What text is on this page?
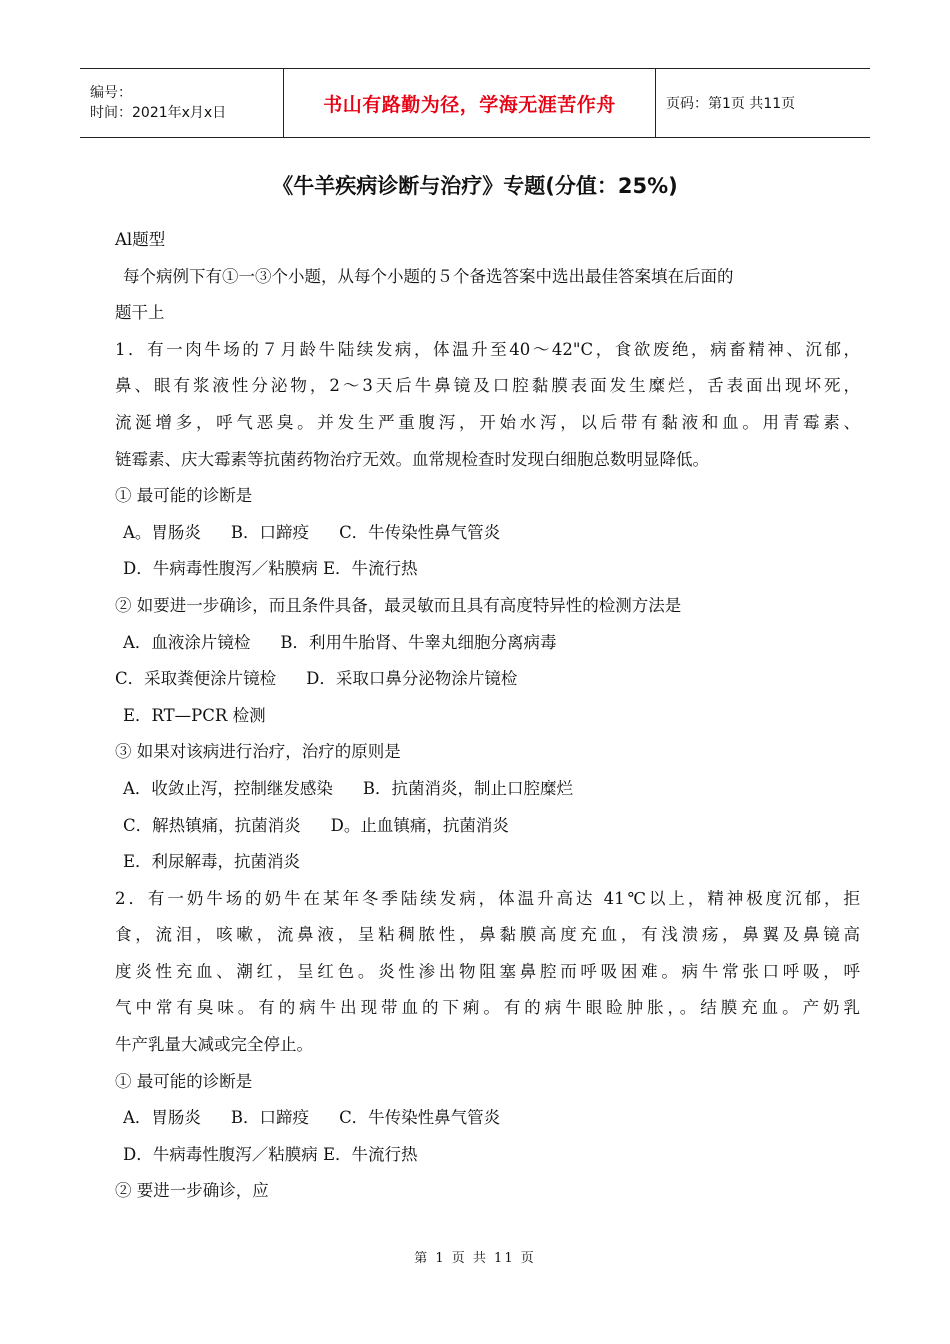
编号：
时间：2021年x月x日	书山有路勤为径，学海无涯苦作舟	页码：第1页 共11页
《牛羊疾病诊断与治疗》专题(分值：25%)
Al题型
每个病例下有①一③个小题，从每个小题的５个备选答案中选出最佳答案填在后面的
题干上
1．有一肉牛场的７月龄牛陆续发病，体温升至40～42"C，食欲废绝，病畜精神、沉郁，
鼻、眼有浆液性分泌物，2～3天后牛鼻镜及口腔黏膜表面发生糜烂，舌表面出现坏死，
流涎增多，呼气恶臭。并发生严重腹泻，开始水泻，以后带有黏液和血。用青霉素、
链霉素、庆大霉素等抗菌药物治疗无效。血常规检查时发现白细胞总数明显降低。
① 最可能的诊断是
A。胃肠炎 B．口蹄疫 C．牛传染性鼻气管炎
D．牛病毒性腹泻／粘膜病 E．牛流行热
② 如要进一步确诊，而且条件具备，最灵敏而且具有高度特异性的检测方法是
A．血液涂片镜检 B．利用牛胎肾、牛睾丸细胞分离病毒
C．采取粪便涂片镜检 D．采取口鼻分泌物涂片镜检
E．RT—PCR 检测
③ 如果对该病进行治疗，治疗的原则是
A．收敛止泻，控制继发感染 B．抗菌消炎，制止口腔糜烂
C．解热镇痛，抗菌消炎 D。止血镇痛，抗菌消炎
E．利尿解毒，抗菌消炎
2．有一奶牛场的奶牛在某年冬季陆续发病，体温升高达 41℃以上，精神极度沉郁，拒
食，流泪，咳嗽，流鼻液，呈粘稠脓性，鼻黏膜高度充血，有浅溃疡，鼻翼及鼻镜高
度炎性充血、潮红，呈红色。炎性渗出物阻塞鼻腔而呼吸困难。病牛常张口呼吸，呼
气中常有臭味。有的病牛出现带血的下痢。有的病牛眼睑肿胀，。结膜充血。产奶乳
牛产乳量大减或完全停止。
① 最可能的诊断是
A．胃肠炎 B．口蹄疫 C．牛传染性鼻气管炎
D．牛病毒性腹泻／粘膜病 E．牛流行热
② 要进一步确诊，应
第 1 页 共 11 页
